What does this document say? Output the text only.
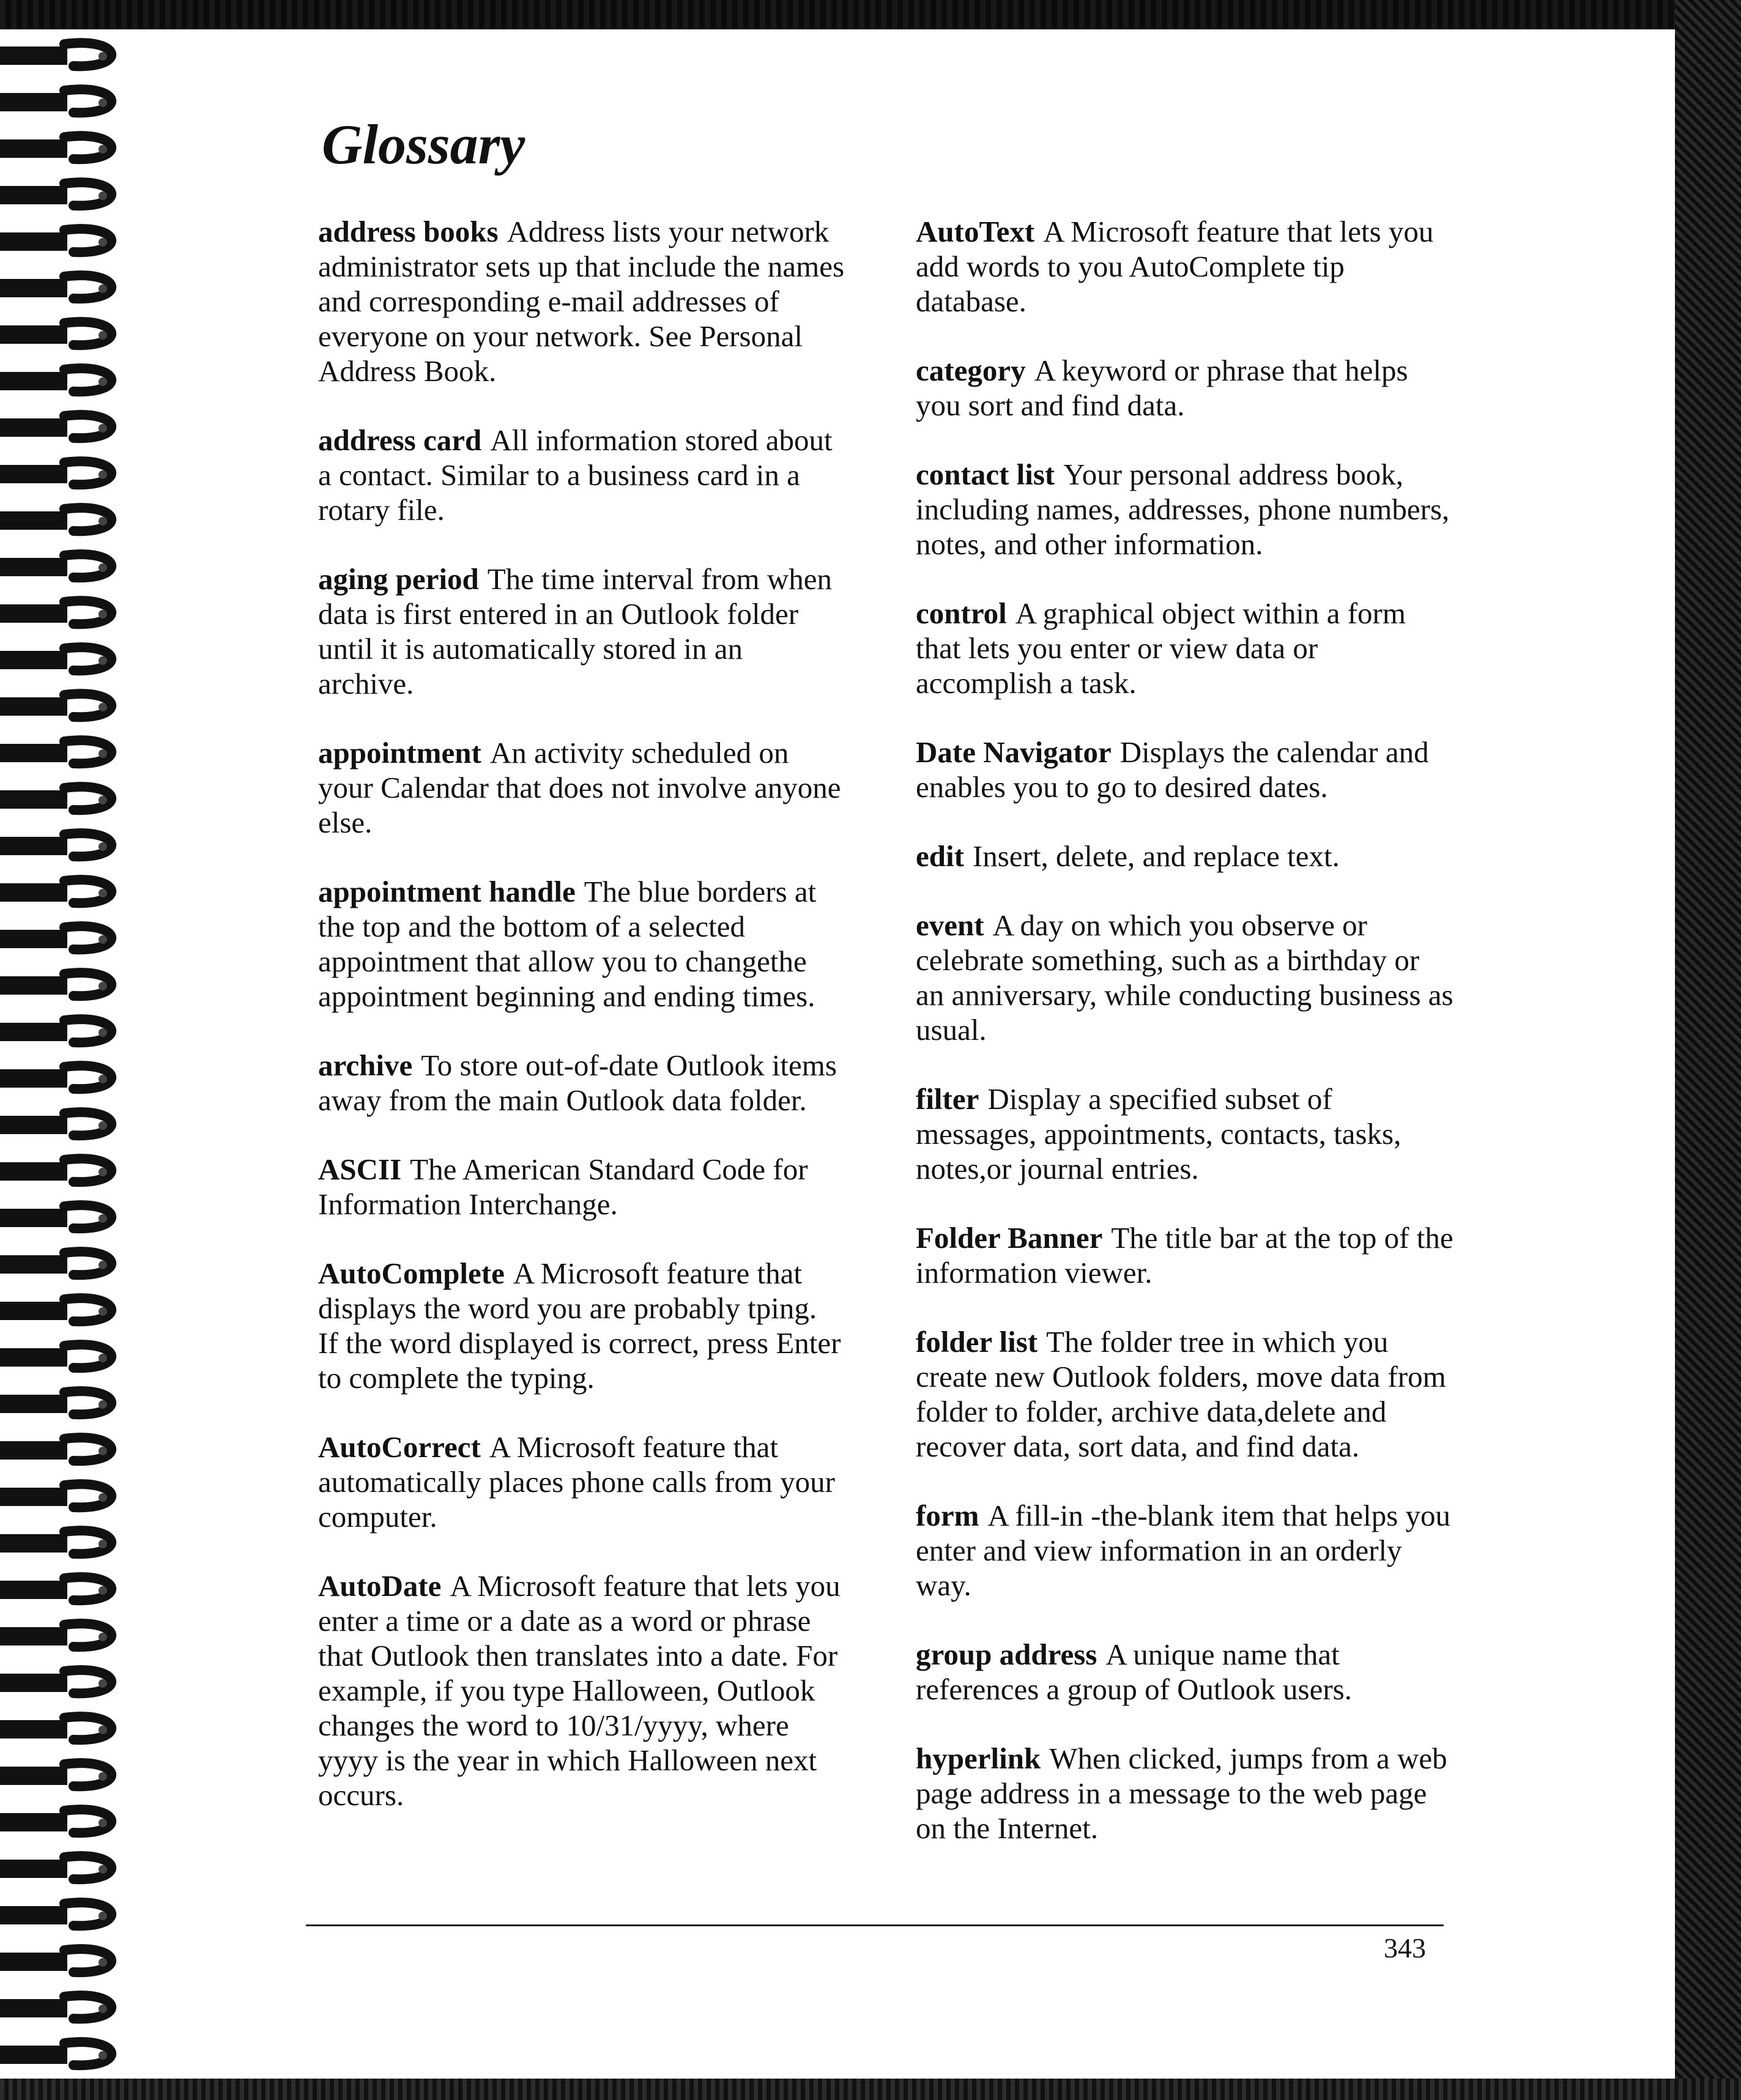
Glossary

address books Address lists your network administrator sets up that include the names and corresponding e-mail addresses of everyone on your network. See Personal Address Book.

address card All information stored about a contact. Similar to a business card in a rotary file.

aging period The time interval from when data is first entered in an Outlook folder until it is automatically stored in an archive.

appointment An activity scheduled on your Calendar that does not involve anyone else.

appointment handle The blue borders at the top and the bottom of a selected appointment that allow you to changethe appointment beginning and ending times.

archive To store out-of-date Outlook items away from the main Outlook data folder.

ASCII The American Standard Code for Information Interchange.

AutoComplete A Microsoft feature that displays the word you are probably tping. If the word displayed is correct, press Enter to complete the typing.

AutoCorrect A Microsoft feature that automatically places phone calls from your computer.

AutoDate A Microsoft feature that lets you enter a time or a date as a word or phrase that Outlook then translates into a date. For example, if you type Halloween, Outlook changes the word to 10/31/yyyy, where yyyy is the year in which Halloween next occurs.

AutoText A Microsoft feature that lets you add words to you AutoComplete tip database.

category A keyword or phrase that helps you sort and find data.

contact list Your personal address book, including names, addresses, phone numbers, notes, and other information.

control A graphical object within a form that lets you enter or view data or accomplish a task.

Date Navigator Displays the calendar and enables you to go to desired dates.

edit Insert, delete, and replace text.

event A day on which you observe or celebrate something, such as a birthday or an anniversary, while conducting business as usual.

filter Display a specified subset of messages, appointments, contacts, tasks, notes,or journal entries.

Folder Banner The title bar at the top of the information viewer.

folder list The folder tree in which you create new Outlook folders, move data from folder to folder, archive data,delete and recover data, sort data, and find data.

form A fill-in -the-blank item that helps you enter and view information in an orderly way.

group address A unique name that references a group of Outlook users.

hyperlink When clicked, jumps from a web page address in a message to the web page on the Internet.

343
